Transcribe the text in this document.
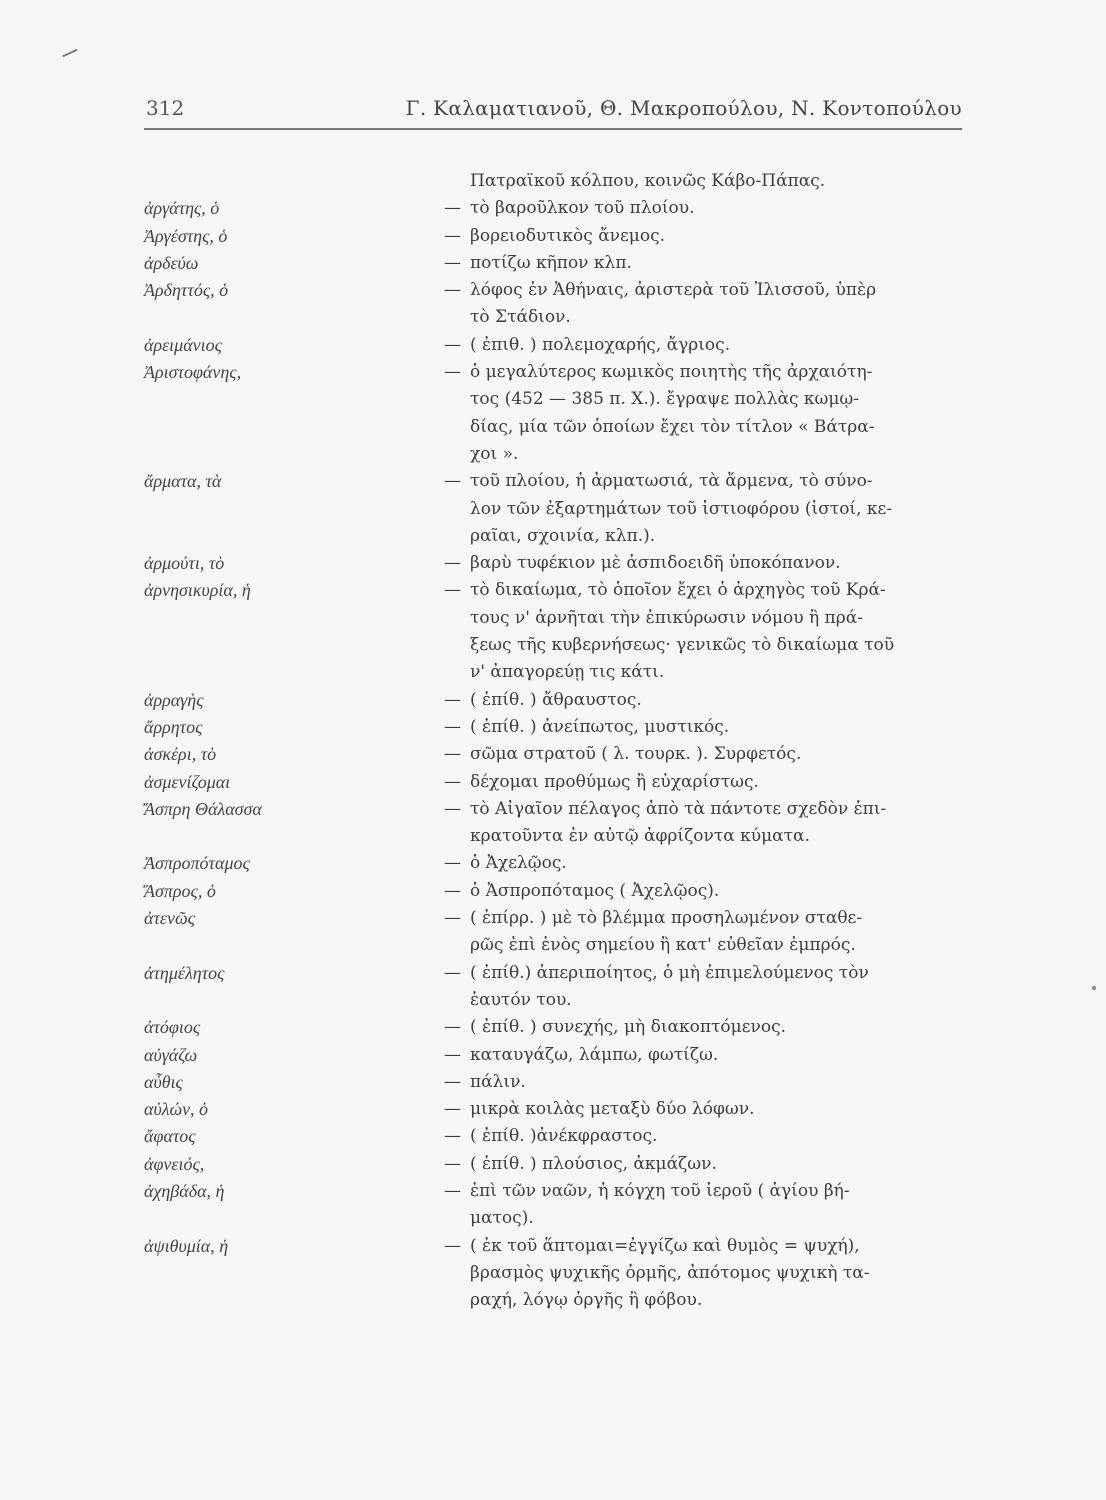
312	Γ. Καλαματιανοῦ, Θ. Μακροπούλου, Ν. Κοντοπούλου
Πατραϊκοῦ κόλπου, κοινῶς Κάβο-Πάπας.
ἀργάτης, ὁ	— τὸ βαροῦλκον τοῦ πλοίου.
Ἀργέστης, ὁ	— βορειοδυτικὸς ἄνεμος.
ἀρδεύω	— ποτίζω κῆπον κλπ.
Ἀρδηττός, ὁ	— λόφος ἐν Ἀθήναις, ἀριστερὰ τοῦ Ἰλισσοῦ, ὑπὲρ
τὸ Στάδιον.
ἀρειμάνιος	— ( ἐπιθ. ) πολεμοχαρής, ἄγριος.
Ἀριστοφάνης,	— ὁ μεγαλύτερος κωμικὸς ποιητὴς τῆς ἀρχαιότη-
τος (452 — 385 π. Χ.). ἔγραψε πολλὰς κωμῳ-
δίας, μία τῶν ὁποίων ἔχει τὸν τίτλον « Βάτρα-
χοι ».
ἄρματα, τὰ	— τοῦ πλοίου, ἡ ἀρματωσιά, τὰ ἄρμενα, τὸ σύνο-
λον τῶν ἐξαρτημάτων τοῦ ἱστιοφόρου (ἱστοί, κε-
ραῖαι, σχοινία, κλπ.).
ἀρμούτι, τὸ	— βαρὺ τυφέκιον μὲ ἀσπιδοειδῆ ὑποκόπανον.
ἀρνησικυρία, ἡ	— τὸ δικαίωμα, τὸ ὁποῖον ἔχει ὁ ἀρχηγὸς τοῦ Κρά-
τους ν' ἀρνῆται τὴν ἐπικύρωσιν νόμου ἢ πρά-
ξεως τῆς κυβερνήσεως· γενικῶς τὸ δικαίωμα τοῦ
ν' ἀπαγορεύῃ τις κάτι.
ἀρραγὴς	— ( ἐπίθ. ) ἄθραυστος.
ἄρρητος	— ( ἐπίθ. ) ἀνείπωτος, μυστικός.
ἀσκέρι, τὸ	— σῶμα στρατοῦ ( λ. τουρκ. ). Συρφετός.
ἀσμενίζομαι	— δέχομαι προθύμως ἢ εὐχαρίστως.
Ἄσπρη Θάλασσα	— τὸ Αἰγαῖον πέλαγος ἀπὸ τὰ πάντοτε σχεδὸν ἐπι-
κρατοῦντα ἐν αὐτῷ ἀφρίζοντα κύματα.
Ἀσπροπόταμος	— ὁ Ἀχελῷος.
Ἄσπρος, ὁ	— ὁ Ἀσπροπόταμος ( Ἀχελῷος).
ἀτενῶς	— ( ἐπίρρ. ) μὲ τὸ βλέμμα προσηλωμένον σταθε-
ρῶς ἐπὶ ἑνὸς σημείου ἢ κατ' εὐθεῖαν ἐμπρός.
ἀτημέλητος	— ( ἐπίθ.) ἀπεριποίητος, ὁ μὴ ἐπιμελούμενος τὸν
ἑαυτόν του.
ἀτόφιος	— ( ἐπίθ. ) συνεχής, μὴ διακοπτόμενος.
αὐγάζω	— καταυγάζω, λάμπω, φωτίζω.
αὖθις	— πάλιν.
αὐλών, ὁ	— μικρὰ κοιλὰς μεταξὺ δύο λόφων.
ἄφατος	— ( ἐπίθ. )ἀνέκφραστος.
ἀφνειός,	— ( ἐπίθ. ) πλούσιος, ἀκμάζων.
ἀχηβάδα, ἡ	— ἐπὶ τῶν ναῶν, ἡ κόγχη τοῦ ἱεροῦ ( ἁγίου βή-
ματος).
ἀψιθυμία, ἡ	— ( ἐκ τοῦ ἅπτομαι=ἐγγίζω καὶ θυμὸς = ψυχή),
βρασμὸς ψυχικῆς ὁρμῆς, ἀπότομος ψυχικὴ τα-
ραχή, λόγῳ ὀργῆς ἢ φόβου.
